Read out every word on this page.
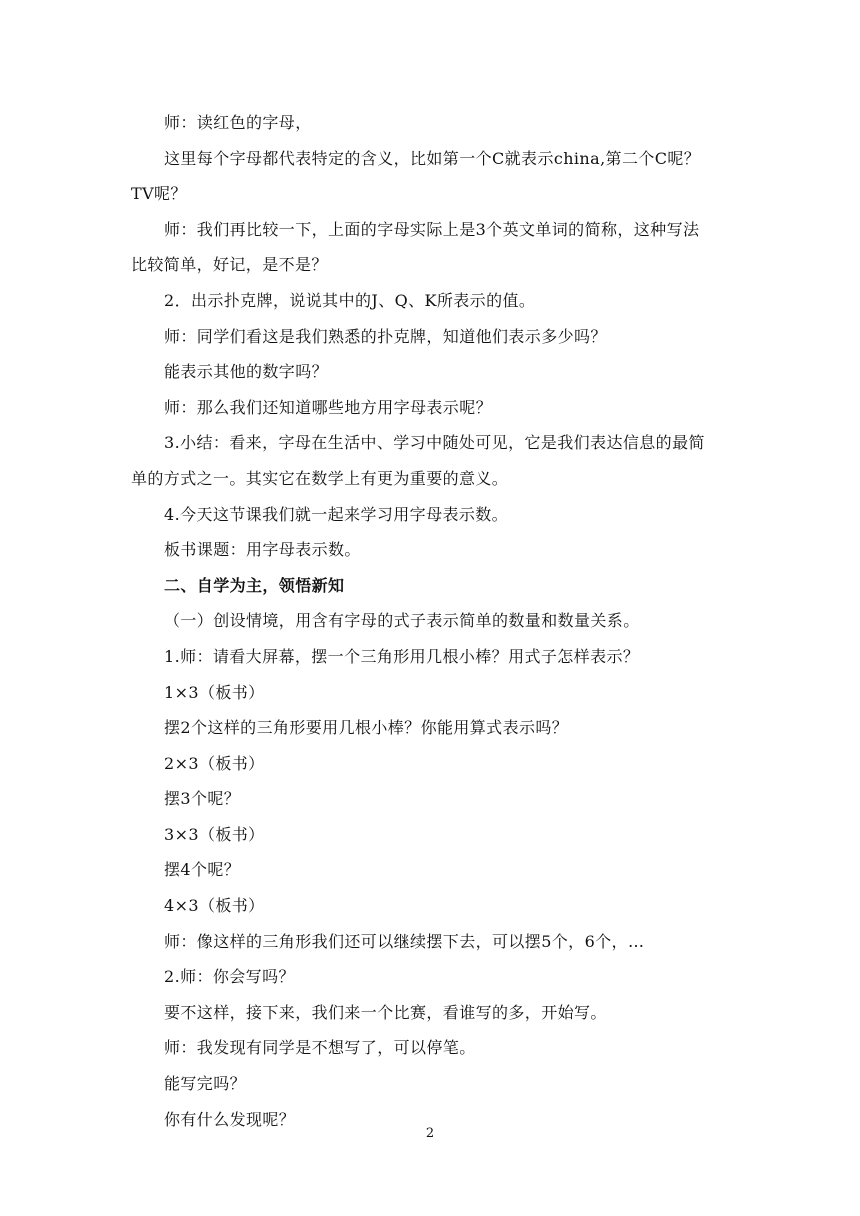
师：读红色的字母，
这里每个字母都代表特定的含义，比如第一个C就表示china,第二个C呢？
TV呢？
师：我们再比较一下，上面的字母实际上是3个英文单词的简称，这种写法
比较简单，好记，是不是？
2．出示扑克牌，说说其中的J、Q、K所表示的值。
师：同学们看这是我们熟悉的扑克牌，知道他们表示多少吗？
能表示其他的数字吗？
师：那么我们还知道哪些地方用字母表示呢？
3.小结：看来，字母在生活中、学习中随处可见，它是我们表达信息的最简
单的方式之一。其实它在数学上有更为重要的意义。
4.今天这节课我们就一起来学习用字母表示数。
板书课题：用字母表示数。
二、自学为主，领悟新知
（一）创设情境，用含有字母的式子表示简单的数量和数量关系。
1.师：请看大屏幕，摆一个三角形用几根小棒？用式子怎样表示？
1×3（板书）
摆2个这样的三角形要用几根小棒？你能用算式表示吗？
2×3（板书）
摆3个呢？
3×3（板书）
摆4个呢？
4×3（板书）
师：像这样的三角形我们还可以继续摆下去，可以摆5个，6个，…
2.师：你会写吗？
要不这样，接下来，我们来一个比赛，看谁写的多，开始写。
师：我发现有同学是不想写了，可以停笔。
能写完吗？
你有什么发现呢？
2
